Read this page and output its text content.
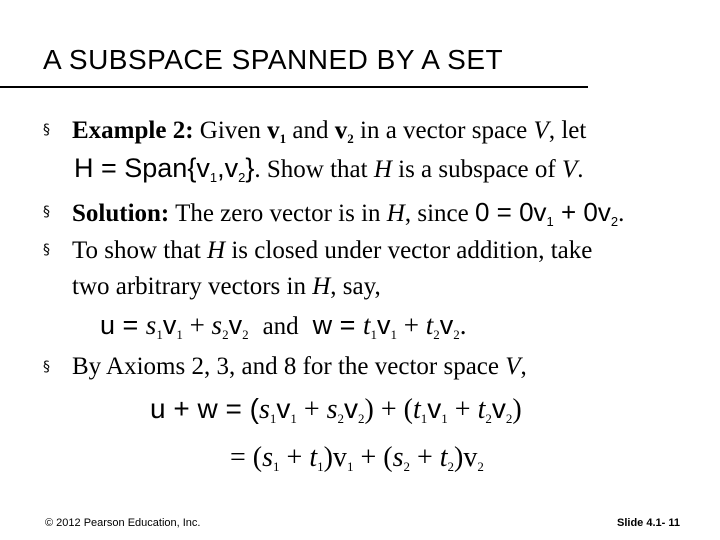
A SUBSPACE SPANNED BY A SET
§ Example 2: Given $v_1$ and $v_2$ in a vector space V, let
$H = Span\{v_1,v_2\}$. Show that H is a subspace of V.
§ Solution: The zero vector is in H, since $0 = 0v_1 + 0v_2$.
§ To show that H is closed under vector addition, take
two arbitrary vectors in H, say,
$u = s_1v_1 + s_2v_2$ and $w = t_1v_1 + t_2v_2$.
§ By Axioms 2, 3, and 8 for the vector space V,
$u + w = (s_1v_1 + s_2v_2) + (t_1v_1 + t_2v_2)$
= $(s_1 + t_1)v_1 + (s_2 + t_2)v_2$
© 2012 Pearson Education, Inc.	Slide 4.1- 11
